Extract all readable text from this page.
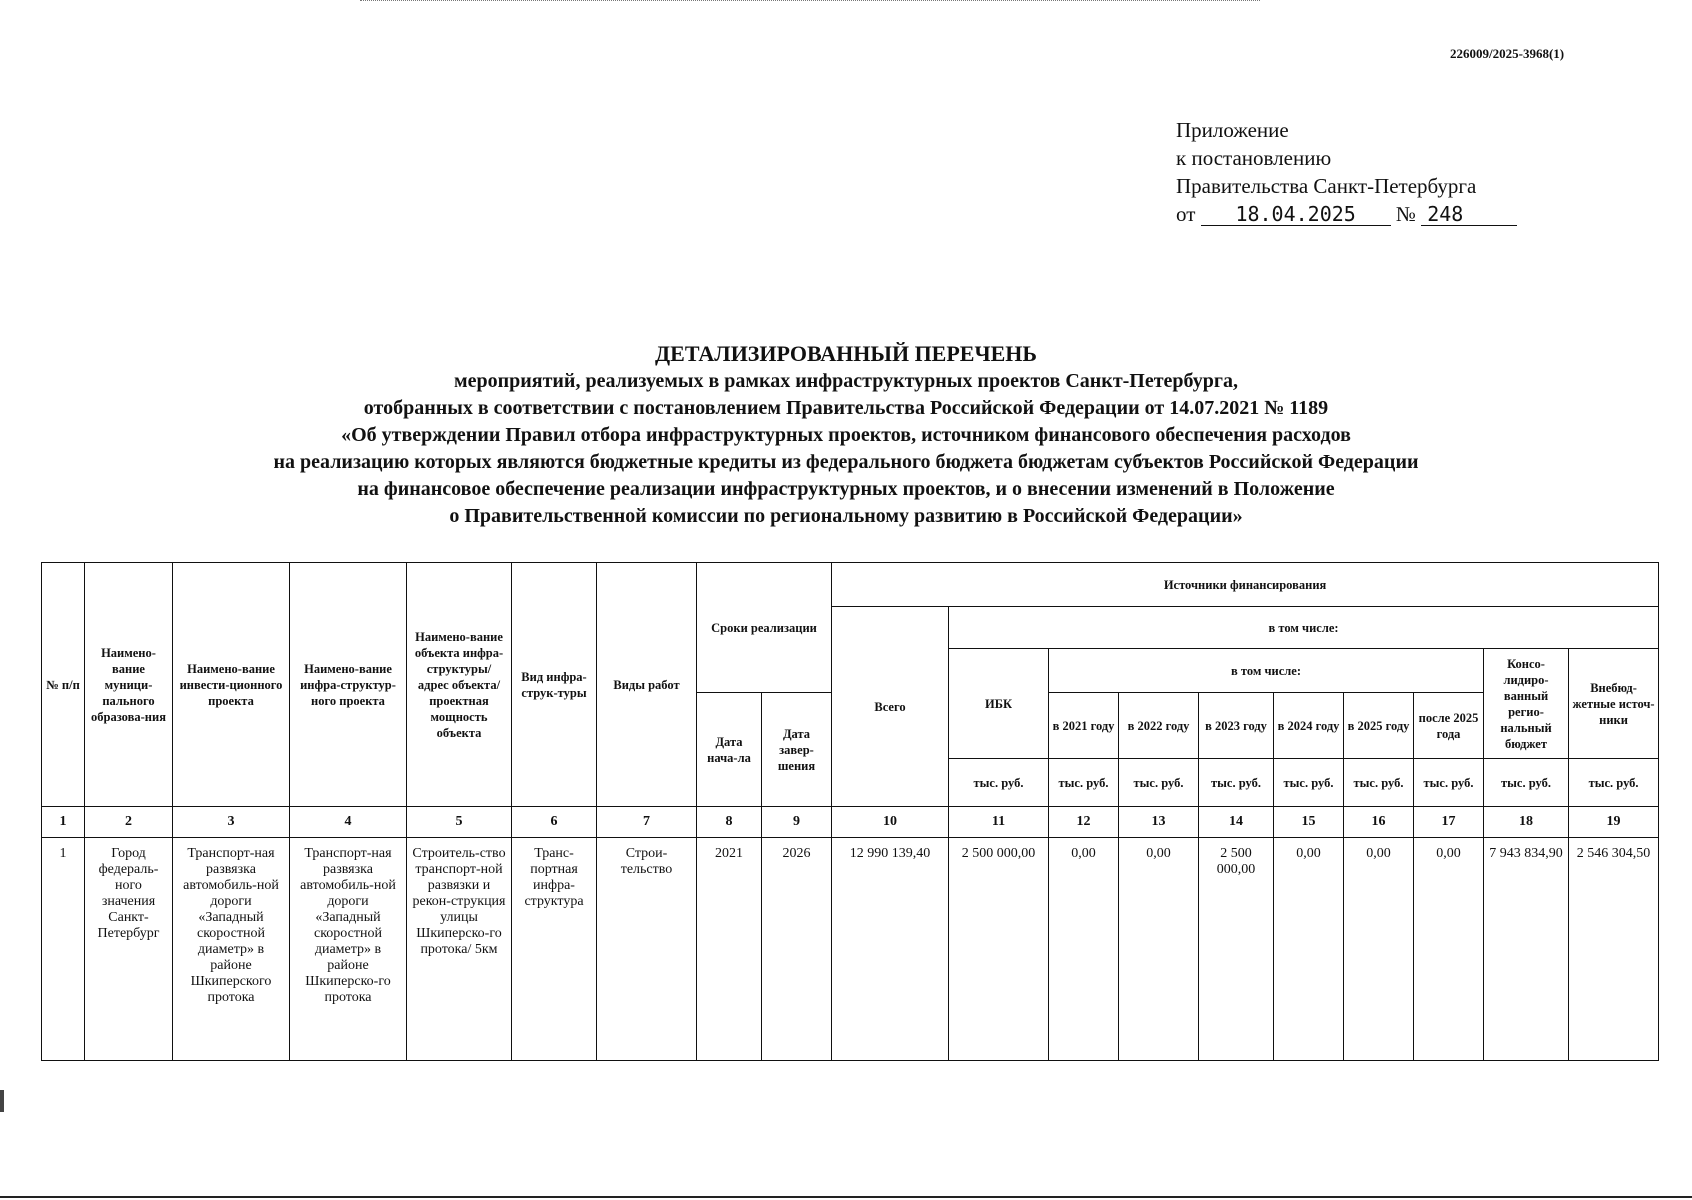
226009/2025-3968(1)
Приложение
к постановлению
Правительства Санкт-Петербурга
от 18.04.2025 № 248
ДЕТАЛИЗИРОВАННЫЙ ПЕРЕЧЕНЬ
мероприятий, реализуемых в рамках инфраструктурных проектов Санкт-Петербурга,
отобранных в соответствии с постановлением Правительства Российской Федерации от 14.07.2021 № 1189
«Об утверждении Правил отбора инфраструктурных проектов, источником финансового обеспечения расходов
на реализацию которых являются бюджетные кредиты из федерального бюджета бюджетам субъектов Российской Федерации
на финансовое обеспечение реализации инфраструктурных проектов, и о внесении изменений в Положение
о Правительственной комиссии по региональному развитию в Российской Федерации»
№ п/п	Наимено-вание муници-пального образова-ния	Наимено-вание инвести-ционного проекта	Наимено-вание инфра-структур-ного проекта	Наимено-вание объекта инфра-структуры/ адрес объекта/ проектная мощность объекта	Вид инфра-струк-туры	Виды работ	Сроки реализации		Источники финансирования									
									Всего	в том числе:								
										ИБК	в том числе:						Консо-лидиро-ванный регио-нальный бюджет	Внебюд-жетные источ-ники
							Дата нача-ла	Дата завер-шения			в 2021 году	в 2022 году	в 2023 году	в 2024 году	в 2025 году	после 2025 года		
										тыс. руб.	тыс. руб.	тыс. руб.	тыс. руб.	тыс. руб.	тыс. руб.	тыс. руб.	тыс. руб.	тыс. руб.
1	2	3	4	5	6	7	8	9	10	11	12	13	14	15	16	17	18	19
1	Город федераль-ного значения Санкт-Петербург	Транспорт-ная развязка автомобиль-ной дороги «Западный скоростной диаметр» в районе Шкиперского протока	Транспорт-ная развязка автомобиль-ной дороги «Западный скоростной диаметр» в районе Шкиперско-го протока	Строитель-ство транспорт-ной развязки и рекон-струкция улицы Шкиперско-го протока/ 5км	Транс-портная инфра-структура	Строи-тельство	2021	2026	12 990 139,40	2 500 000,00	0,00	0,00	2 500 000,00	0,00	0,00	0,00	7 943 834,90	2 546 304,50
